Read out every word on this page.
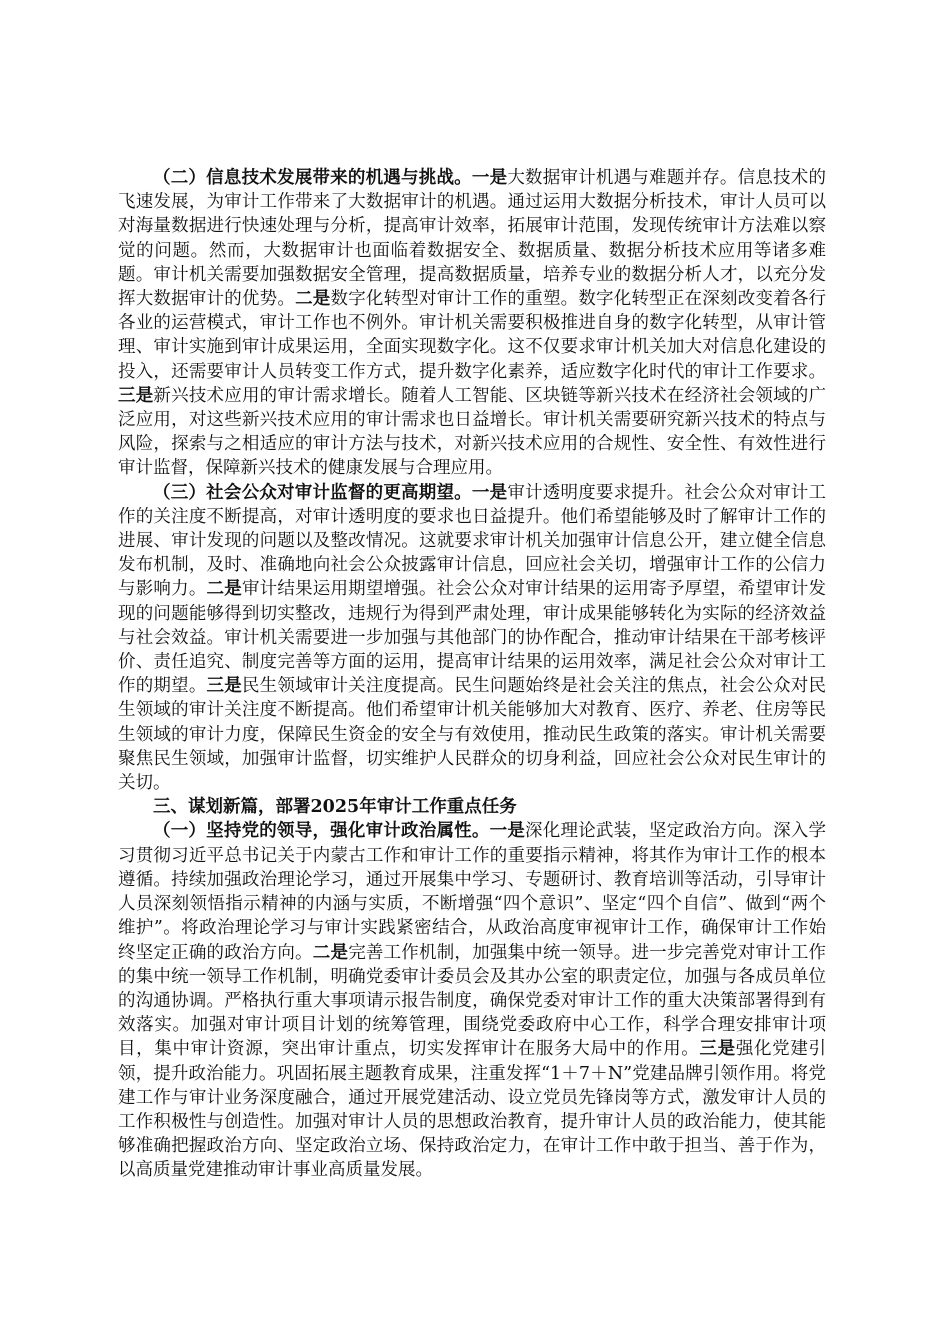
（二）信息技术发展带来的机遇与挑战。一是大数据审计机遇与难题并存。信息技术的飞速发展，为审计工作带来了大数据审计的机遇。通过运用大数据分析技术，审计人员可以对海量数据进行快速处理与分析，提高审计效率，拓展审计范围，发现传统审计方法难以察觉的问题。然而，大数据审计也面临着数据安全、数据质量、数据分析技术应用等诸多难题。审计机关需要加强数据安全管理，提高数据质量，培养专业的数据分析人才，以充分发挥大数据审计的优势。二是数字化转型对审计工作的重塑。数字化转型正在深刻改变着各行各业的运营模式，审计工作也不例外。审计机关需要积极推进自身的数字化转型，从审计管理、审计实施到审计成果运用，全面实现数字化。这不仅要求审计机关加大对信息化建设的投入，还需要审计人员转变工作方式，提升数字化素养，适应数字化时代的审计工作要求。三是新兴技术应用的审计需求增长。随着人工智能、区块链等新兴技术在经济社会领域的广泛应用，对这些新兴技术应用的审计需求也日益增长。审计机关需要研究新兴技术的特点与风险，探索与之相适应的审计方法与技术，对新兴技术应用的合规性、安全性、有效性进行审计监督，保障新兴技术的健康发展与合理应用。

（三）社会公众对审计监督的更高期望。一是审计透明度要求提升。社会公众对审计工作的关注度不断提高，对审计透明度的要求也日益提升。他们希望能够及时了解审计工作的进展、审计发现的问题以及整改情况。这就要求审计机关加强审计信息公开，建立健全信息发布机制，及时、准确地向社会公众披露审计信息，回应社会关切，增强审计工作的公信力与影响力。二是审计结果运用期望增强。社会公众对审计结果的运用寄予厚望，希望审计发现的问题能够得到切实整改，违规行为得到严肃处理，审计成果能够转化为实际的经济效益与社会效益。审计机关需要进一步加强与其他部门的协作配合，推动审计结果在干部考核评价、责任追究、制度完善等方面的运用，提高审计结果的运用效率，满足社会公众对审计工作的期望。三是民生领域审计关注度提高。民生问题始终是社会关注的焦点，社会公众对民生领域的审计关注度不断提高。他们希望审计机关能够加大对教育、医疗、养老、住房等民生领域的审计力度，保障民生资金的安全与有效使用，推动民生政策的落实。审计机关需要聚焦民生领域，加强审计监督，切实维护人民群众的切身利益，回应社会公众对民生审计的关切。

三、谋划新篇，部署2025年审计工作重点任务

（一）坚持党的领导，强化审计政治属性。一是深化理论武装，坚定政治方向。深入学习贯彻习近平总书记关于内蒙古工作和审计工作的重要指示精神，将其作为审计工作的根本遵循。持续加强政治理论学习，通过开展集中学习、专题研讨、教育培训等活动，引导审计人员深刻领悟指示精神的内涵与实质，不断增强“四个意识”、坚定“四个自信”、做到“两个维护”。将政治理论学习与审计实践紧密结合，从政治高度审视审计工作，确保审计工作始终坚定正确的政治方向。二是完善工作机制，加强集中统一领导。进一步完善党对审计工作的集中统一领导工作机制，明确党委审计委员会及其办公室的职责定位，加强与各成员单位的沟通协调。严格执行重大事项请示报告制度，确保党委对审计工作的重大决策部署得到有效落实。加强对审计项目计划的统筹管理，围绕党委政府中心工作，科学合理安排审计项目，集中审计资源，突出审计重点，切实发挥审计在服务大局中的作用。三是强化党建引领，提升政治能力。巩固拓展主题教育成果，注重发挥“1＋7＋N”党建品牌引领作用。将党建工作与审计业务深度融合，通过开展党建活动、设立党员先锋岗等方式，激发审计人员的工作积极性与创造性。加强对审计人员的思想政治教育，提升审计人员的政治能力，使其能够准确把握政治方向、坚定政治立场、保持政治定力，在审计工作中敢于担当、善于作为，以高质量党建推动审计事业高质量发展。
